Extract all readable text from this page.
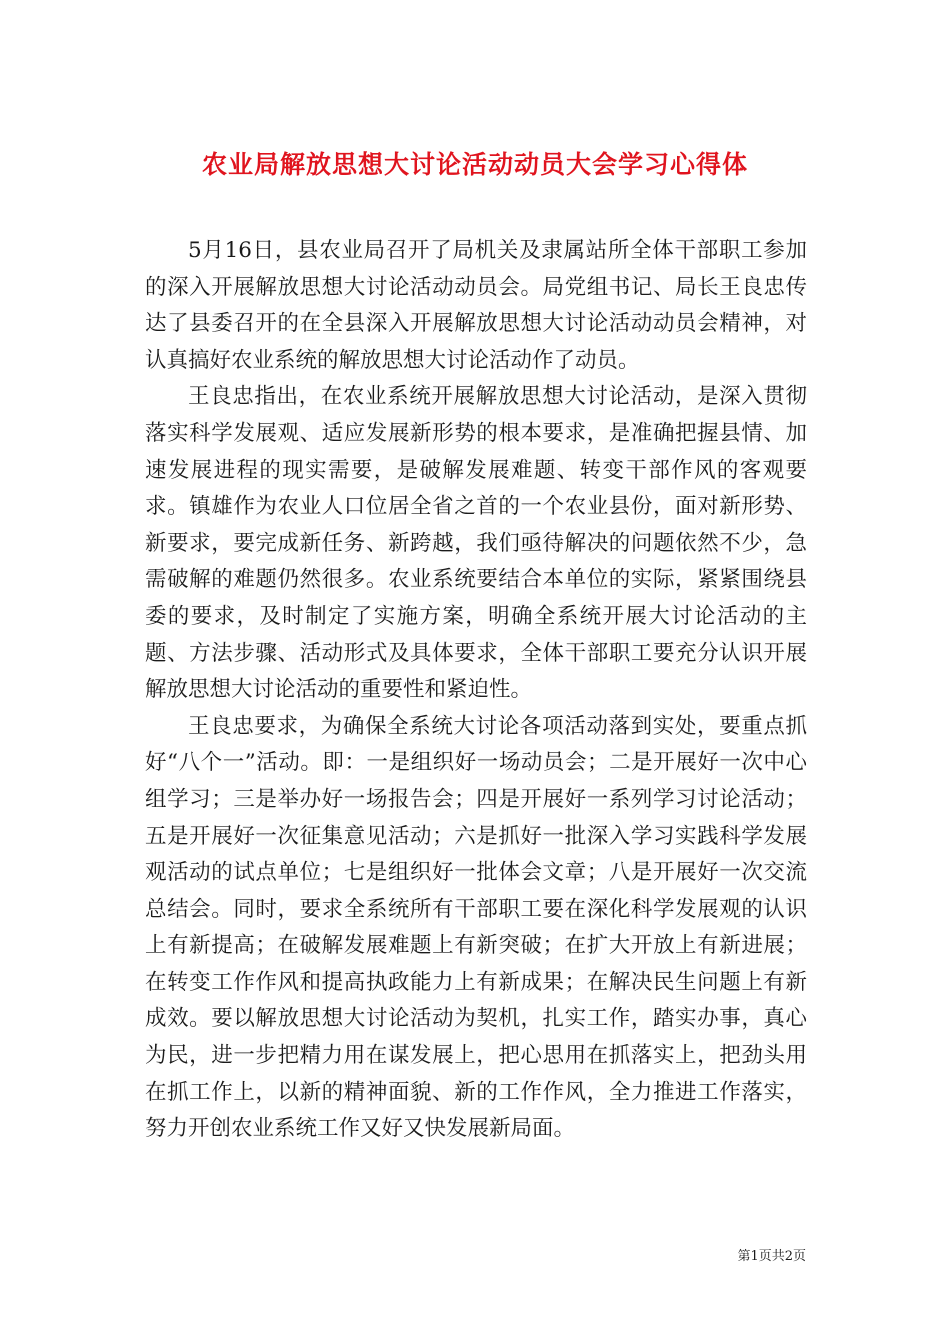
农业局解放思想大讨论活动动员大会学习心得体

5月16日，县农业局召开了局机关及隶属站所全体干部职工参加的深入开展解放思想大讨论活动动员会。局党组书记、局长王良忠传达了县委召开的在全县深入开展解放思想大讨论活动动员会精神，对认真搞好农业系统的解放思想大讨论活动作了动员。

王良忠指出，在农业系统开展解放思想大讨论活动，是深入贯彻落实科学发展观、适应发展新形势的根本要求，是准确把握县情、加速发展进程的现实需要，是破解发展难题、转变干部作风的客观要求。镇雄作为农业人口位居全省之首的一个农业县份，面对新形势、新要求，要完成新任务、新跨越，我们亟待解决的问题依然不少，急需破解的难题仍然很多。农业系统要结合本单位的实际，紧紧围绕县委的要求，及时制定了实施方案，明确全系统开展大讨论活动的主题、方法步骤、活动形式及具体要求，全体干部职工要充分认识开展解放思想大讨论活动的重要性和紧迫性。

王良忠要求，为确保全系统大讨论各项活动落到实处，要重点抓好“八个一”活动。即：一是组织好一场动员会；二是开展好一次中心组学习；三是举办好一场报告会；四是开展好一系列学习讨论活动；五是开展好一次征集意见活动；六是抓好一批深入学习实践科学发展观活动的试点单位；七是组织好一批体会文章；八是开展好一次交流总结会。同时，要求全系统所有干部职工要在深化科学发展观的认识上有新提高；在破解发展难题上有新突破；在扩大开放上有新进展；在转变工作作风和提高执政能力上有新成果；在解决民生问题上有新成效。要以解放思想大讨论活动为契机，扎实工作，踏实办事，真心为民，进一步把精力用在谋发展上，把心思用在抓落实上，把劲头用在抓工作上，以新的精神面貌、新的工作作风，全力推进工作落实，努力开创农业系统工作又好又快发展新局面。

第1页共2页
